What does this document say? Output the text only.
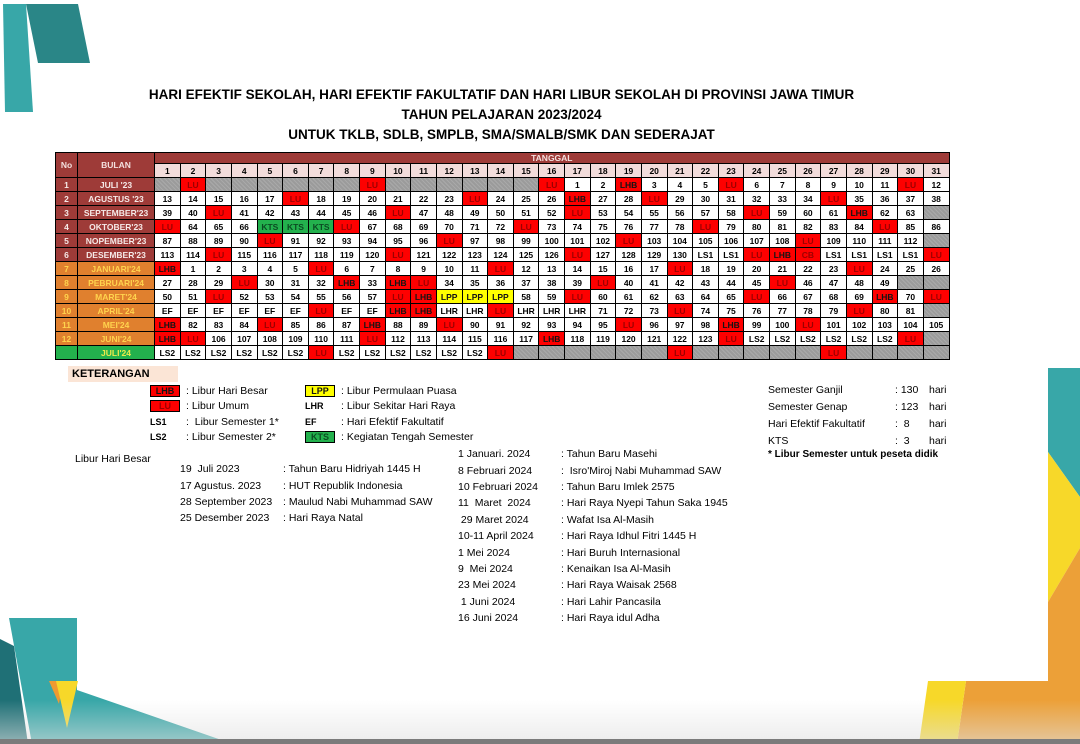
HARI EFEKTIF SEKOLAH, HARI EFEKTIF FAKULTATIF DAN HARI LIBUR SEKOLAH DI PROVINSI JAWA TIMUR
TAHUN PELAJARAN 2023/2024
UNTUK TKLB, SDLB, SMPLB, SMA/SMALB/SMK DAN SEDERAJAT
No	BULAN	TANGGAL																														
		1	2	3	4	5	6	7	8	9	10	11	12	13	14	15	16	17	18	19	20	21	22	23	24	25	26	27	28	29	30	31
1	JULI '23		LU							LU							LU	1	2	LHB	3	4	5	LU	6	7	8	9	10	11	LU	12
2	AGUSTUS '23	13	14	15	16	17	LU	18	19	20	21	22	23	LU	24	25	26	LHB	27	28	LU	29	30	31	32	33	34	LU	35	36	37	38
3	SEPTEMBER'23	39	40	LU	41	42	43	44	45	46	LU	47	48	49	50	51	52	LU	53	54	55	56	57	58	LU	59	60	61	LHB	62	63	
4	OKTOBER'23	LU	64	65	66	KTS	KTS	KTS	LU	67	68	69	70	71	72	LU	73	74	75	76	77	78	LU	79	80	81	82	83	84	LU	85	86
5	NOPEMBER'23	87	88	89	90	LU	91	92	93	94	95	96	LU	97	98	99	100	101	102	LU	103	104	105	106	107	108	LU	109	110	111	112	
6	DESEMBER'23	113	114	LU	115	116	117	118	119	120	LU	121	122	123	124	125	126	LU	127	128	129	130	LS1	LS1	LU	LHB	CB	LS1	LS1	LS1	LS1	LU
7	JANUARI'24	LHB	1	2	3	4	5	LU	6	7	8	9	10	11	LU	12	13	14	15	16	17	LU	18	19	20	21	22	23	LU	24	25	26
8	PEBRUARI'24	27	28	29	LU	30	31	32	LHB	33	LHB	LU	34	35	36	37	38	39	LU	40	41	42	43	44	45	LU	46	47	48	49		
9	MARET'24	50	51	LU	52	53	54	55	56	57	LU	LHB	LPP	LPP	LPP	58	59	LU	60	61	62	63	64	65	LU	66	67	68	69	LHB	70	LU
10	APRIL'24	EF	EF	EF	EF	EF	EF	LU	EF	EF	LHB	LHB	LHR	LHR	LU	LHR	LHR	LHR	71	72	73	LU	74	75	76	77	78	79	LU	80	81	
11	MEI'24	LHB	82	83	84	LU	85	86	87	LHB	88	89	LU	90	91	92	93	94	95	LU	96	97	98	LHB	99	100	LU	101	102	103	104	105
12	JUNI'24	LHB	LU	106	107	108	109	110	111	LU	112	113	114	115	116	117	LHB	118	119	120	121	122	123	LU	LS2	LS2	LS2	LS2	LS2	LS2	LU	
	JULI'24	LS2	LS2	LS2	LS2	LS2	LS2	LU	LS2	LS2	LS2	LS2	LS2	LS2	LU							LU						LU				
KETERANGAN
LHB	: Libur Hari Besar
LU	: Libur Umum
LS1	:  Libur Semester 1*
LS2	: Libur Semester 2*
LPP	: Libur Permulaan Puasa
LHR	: Libur Sekitar Hari Raya
EF	: Hari Efektif Fakultatif
KTS	: Kegiatan Tengah Semester
Semester Ganjil	: 130	hari
Semester Genap	: 123	hari
Hari Efektif Fakultatif	:  8	hari
KTS	:  3	hari
* Libur Semester untuk peseta didik
Libur Hari Besar
19  Juli 2023	: Tahun Baru Hidriyah 1445 H
17 Agustus. 2023	: HUT Republik Indonesia
28 September 2023	: Maulud Nabi Muhammad SAW
25 Desember 2023	: Hari Raya Natal
1 Januari. 2024	: Tahun Baru Masehi
8 Februari 2024	:  Isro'Miroj Nabi Muhammad SAW
10 Februari 2024	: Tahun Baru Imlek 2575
11  Maret  2024	: Hari Raya Nyepi Tahun Saka 1945
29 Maret 2024	: Wafat Isa Al-Masih
10-11 April 2024	: Hari Raya Idhul Fitri 1445 H
1 Mei 2024	: Hari Buruh Internasional
9  Mei 2024	: Kenaikan Isa Al-Masih
23 Mei 2024	: Hari Raya Waisak 2568
1 Juni 2024	: Hari Lahir Pancasila
16 Juni 2024	: Hari Raya idul Adha
